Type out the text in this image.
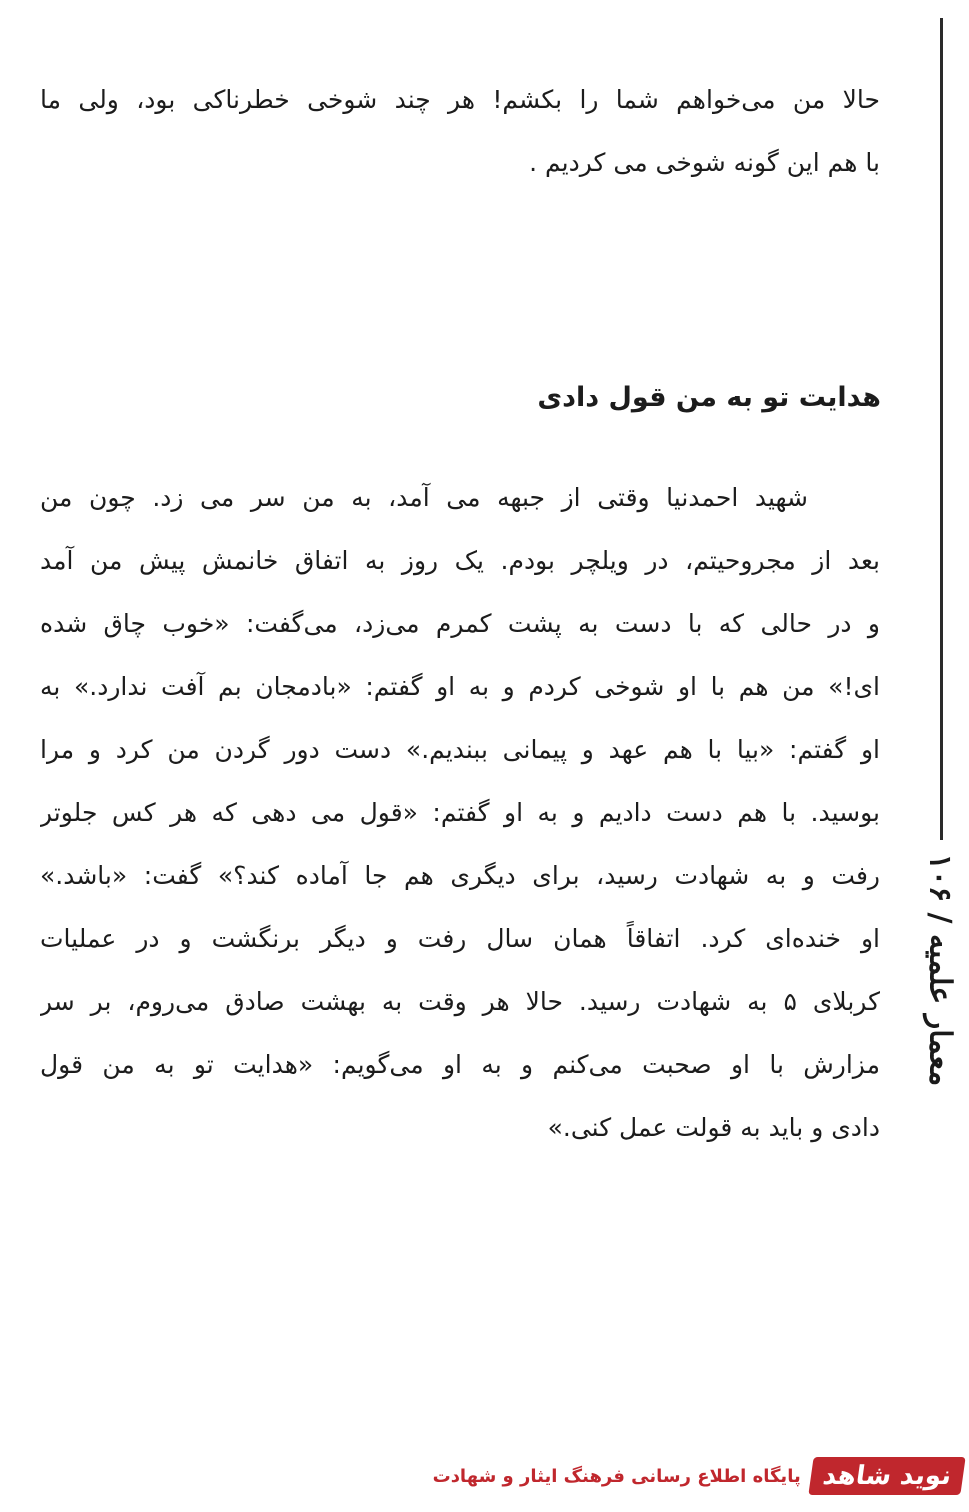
حالا من می‌خواهم شما را بکشم! هر چند شوخی خطرناکی بود، ولی ما
با هم این گونه شوخی می کردیم .
هدایت تو به من قول دادی
شهید احمدنیا وقتی از جبهه می آمد، به من سر می زد. چون من
بعد از مجروحیتم، در ویلچر بودم. یک روز به اتفاق خانمش پیش من آمد
و در حالی که با دست به پشت کمرم می‌زد، می‌گفت: «خوب چاق شده
ای!» من هم با او شوخی کردم و به او گفتم: «بادمجان بم آفت ندارد.» به
او گفتم: «بیا با هم عهد و پیمانی ببندیم.» دست دور گردن من کرد و مرا
بوسید. با هم دست دادیم و به او گفتم: «قول می دهی که هر کس جلوتر
رفت و به شهادت رسید، برای دیگری هم جا آماده کند؟» گفت: «باشد.»
او خنده‌ای کرد. اتفاقاً همان سال رفت و دیگر برنگشت و در عملیات
کربلای ۵ به شهادت رسید. حالا هر وقت به بهشت صادق می‌روم، بر سر
مزارش با او صحبت می‌کنم و به او می‌گویم: «هدایت تو به من قول
دادی و باید به قولت عمل کنی.»
معمار علمیه / ۱۰۶
نوید شاهد
پایگاه اطلاع رسانی فرهنگ ایثار و شهادت
